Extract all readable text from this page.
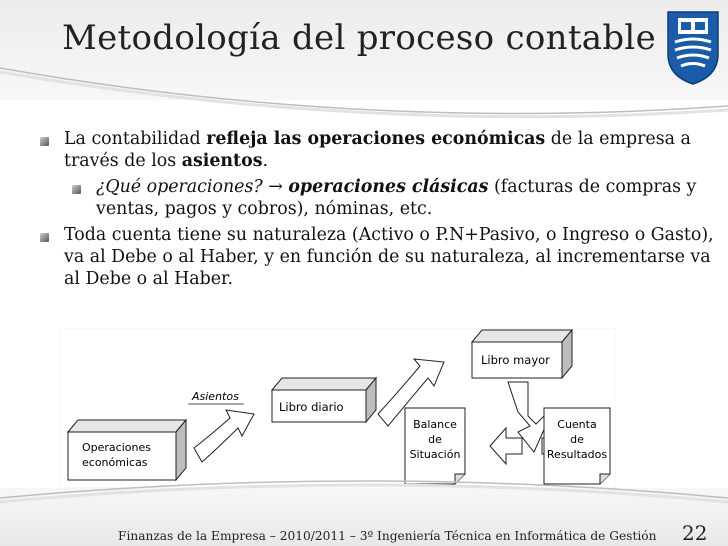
Metodología del proceso contable
La contabilidad refleja las operaciones económicas de la empresa a través de los asientos.
¿Qué operaciones? → operaciones clásicas (facturas de compras y ventas, pagos y cobros), nóminas, etc.
Toda cuenta tiene su naturaleza (Activo o P.N+Pasivo, o Ingreso o Gasto), va al Debe o al Haber, y en función de su naturaleza, al incrementarse va al Debe o al Haber.
Operaciones
económicas
Asientos
Libro diario
Libro mayor
Balance
de
Situación
Cuenta
de
Resultados
Finanzas de la Empresa – 2010/2011 – 3º Ingeniería Técnica en Informática de Gestión 22
